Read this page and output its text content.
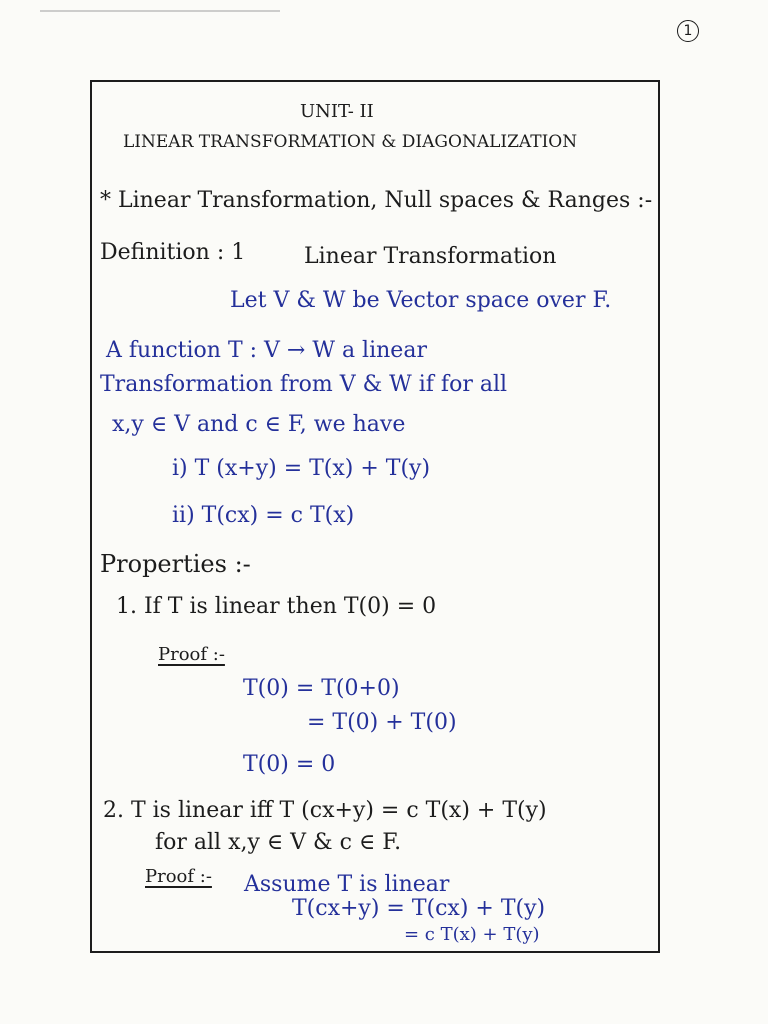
1
UNIT- II
LINEAR TRANSFORMATION & DIAGONALIZATION
* Linear Transformation, Null spaces & Ranges :-
Definition : 1	Linear Transformation
Let V & W be Vector space over F.
A function T : V → W a linear
Transformation from V & W if for all
x,y ∈ V and c ∈ F, we have
i) T (x+y) = T(x) + T(y)
ii) T(cx) = c T(x)
Properties :-
1. If T is linear then T(0) = 0
Proof :-
T(0) = T(0+0)
= T(0) + T(0)
T(0) = 0
2. T is linear iff T (cx+y) = c T(x) + T(y)
for all x,y ∈ V & c ∈ F.
Proof :- Assume T is linear
T(cx+y) = T(cx) + T(y)
= c T(x) + T(y)
